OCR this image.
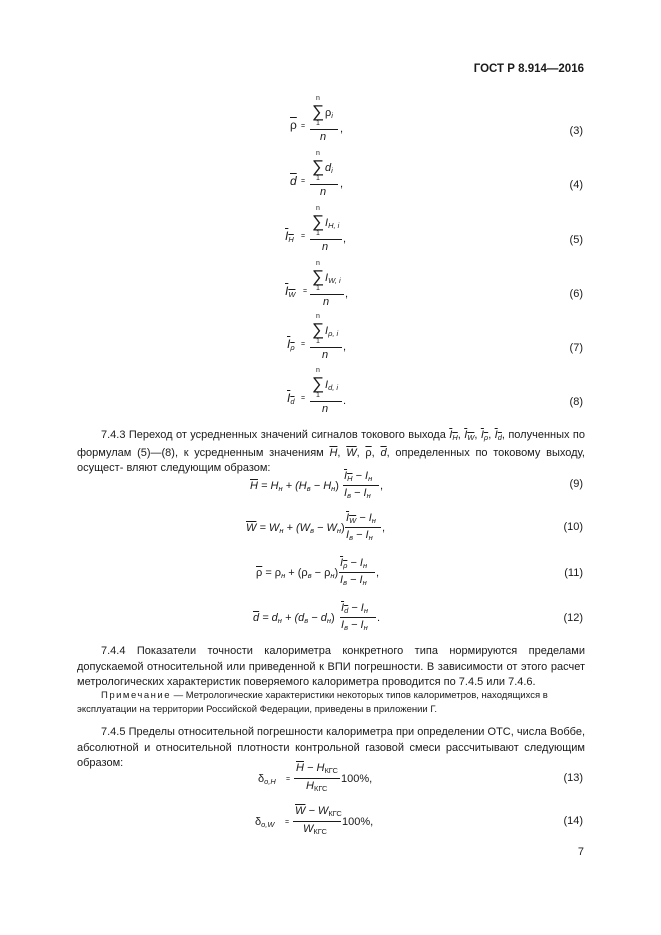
ГОСТ Р 8.914—2016
$\overline{\rho}$ =
n
∑ $\rho_i$
1
n
,	(3)
$\overline{d}$ =
n
∑ $d_i$
1
n
,	(4)
$I_H$ =
n
∑ $I_{H, i}$
1
n
,	(5)
$I_W$ =
n
∑ $I_{W, i}$
1
n
,	(6)
$I_\rho$ =
n
∑ $I_{\rho, i}$
1
n
,	(7)
$I_d$ =
n
∑ $I_{d, i}$
1
n
.	(8)
7.4.3 Переход от усредненных значений сигналов токового выхода $I_H$, $I_W$, $I_\rho$, $I_d$, полученных по формулам (5)—(8), к усредненным значениям $\overline{H}$, $\overline{W}$, $\overline{\rho}$, $\overline{d}$, определенных по токовому выходу, осущест- вляют следующим образом:
$\overline{H} = H_н + (H_в - H_н)$
$I_H - I_н$
$I_в - I_н$
,	(9)
$\overline{W} = W_н + (W_в - W_н)$
$I_W - I_н$
$I_в - I_н$
,	(10)
$\overline{\rho} = \rho_н + (\rho_в - \rho_н)$
$I_\rho - I_н$
$I_в - I_н$
,	(11)
$\overline{d} = d_н + (d_в - d_н)$
$I_d - I_н$
$I_в - I_н$
.	(12)
7.4.4 Показатели точности калориметра конкретного типа нормируются пределами допускаемой относительной или приведенной к ВПИ погрешности. В зависимости от этого расчет метрологических характеристик поверяемого калориметра проводится по 7.4.5 или 7.4.6.
Примечание — Метрологические характеристики некоторых типов калориметров, находящихся в эксплуатации на территории Российской Федерации, приведены в приложении Г.
7.4.5 Пределы относительной погрешности калориметра при определении ОТС, числа Воббе, абсолютной и относительной плотности контрольной газовой смеси рассчитывают следующим образом:
$\delta_{o,H}$ =
$\overline{H} - H_{КГС}$
$H_{КГС}$
100%,	(13)
$\delta_{o,W}$ =
$\overline{W} - W_{КГС}$
$W_{КГС}$
100%,	(14)
7
